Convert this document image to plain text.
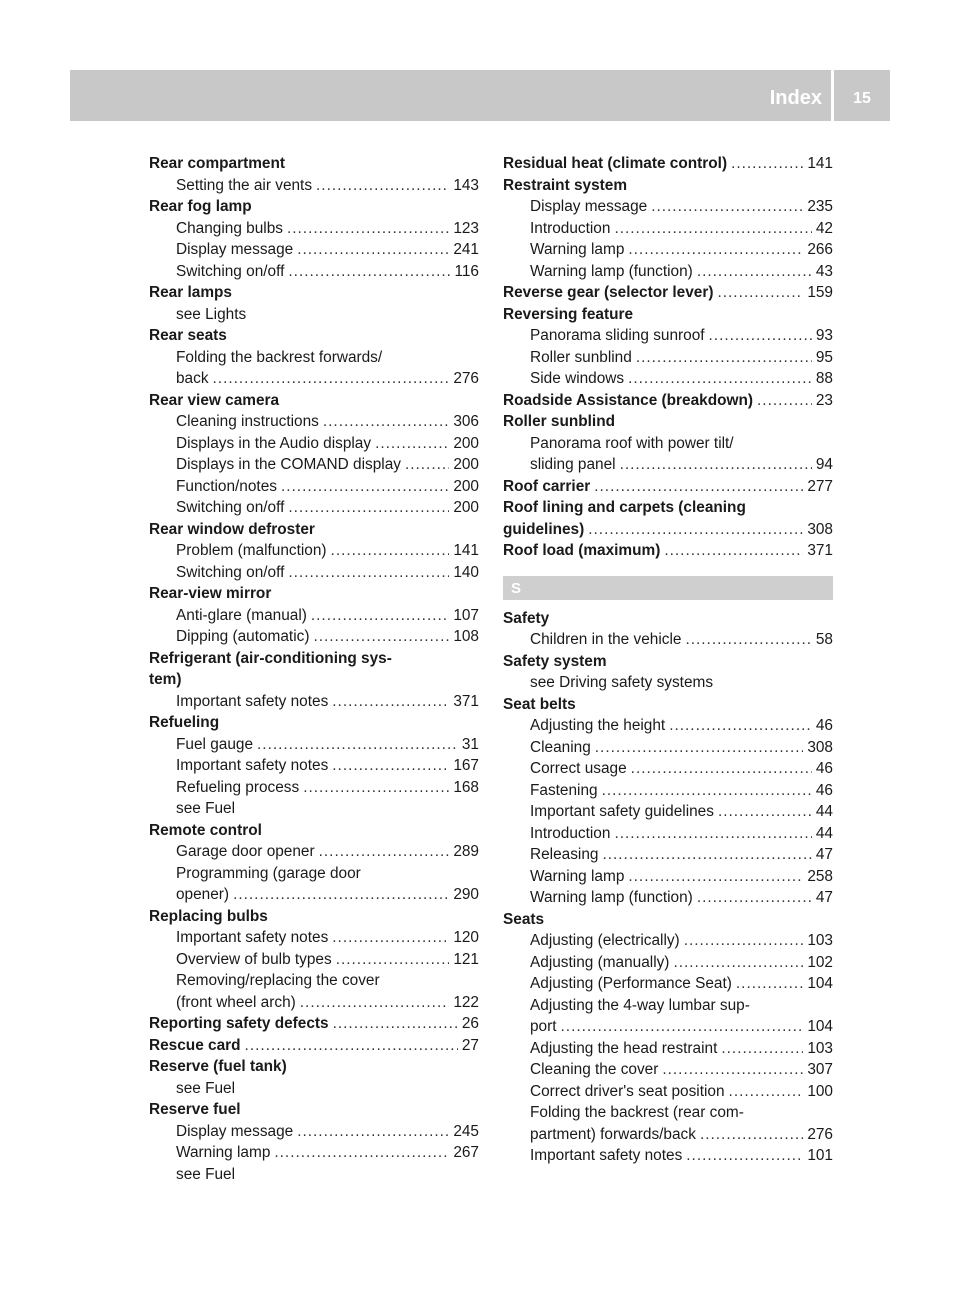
Index	15
Rear compartment
Setting the air vents .....	143
Rear fog lamp
Changing bulbs .....	123
Display message .....	241
Switching on/off .....	116
Rear lamps
see Lights
Rear seats
Folding the backrest forwards/
back .....	276
Rear view camera
Cleaning instructions .....	306
Displays in the Audio display .....	200
Displays in the COMAND display .....	200
Function/notes .....	200
Switching on/off .....	200
Rear window defroster
Problem (malfunction) .....	141
Switching on/off .....	140
Rear-view mirror
Anti-glare (manual) .....	107
Dipping (automatic) .....	108
Refrigerant (air-conditioning sys-
tem)
Important safety notes .....	371
Refueling
Fuel gauge .....	31
Important safety notes .....	167
Refueling process .....	168
see Fuel
Remote control
Garage door opener .....	289
Programming (garage door
opener) .....	290
Replacing bulbs
Important safety notes .....	120
Overview of bulb types .....	121
Removing/replacing the cover
(front wheel arch) .....	122
Reporting safety defects .....	26
Rescue card .....	27
Reserve (fuel tank)
see Fuel
Reserve fuel
Display message .....	245
Warning lamp .....	267
see Fuel
Residual heat (climate control) .....	141
Restraint system
Display message .....	235
Introduction .....	42
Warning lamp .....	266
Warning lamp (function) .....	43
Reverse gear (selector lever) .....	159
Reversing feature
Panorama sliding sunroof .....	93
Roller sunblind .....	95
Side windows .....	88
Roadside Assistance (breakdown) .....	23
Roller sunblind
Panorama roof with power tilt/
sliding panel .....	94
Roof carrier .....	277
Roof lining and carpets (cleaning
guidelines) .....	308
Roof load (maximum) .....	371
S
Safety
Children in the vehicle .....	58
Safety system
see Driving safety systems
Seat belts
Adjusting the height .....	46
Cleaning .....	308
Correct usage .....	46
Fastening .....	46
Important safety guidelines .....	44
Introduction .....	44
Releasing .....	47
Warning lamp .....	258
Warning lamp (function) .....	47
Seats
Adjusting (electrically) .....	103
Adjusting (manually) .....	102
Adjusting (Performance Seat) .....	104
Adjusting the 4-way lumbar sup-
port .....	104
Adjusting the head restraint .....	103
Cleaning the cover .....	307
Correct driver's seat position .....	100
Folding the backrest (rear com-
partment) forwards/back .....	276
Important safety notes .....	101
